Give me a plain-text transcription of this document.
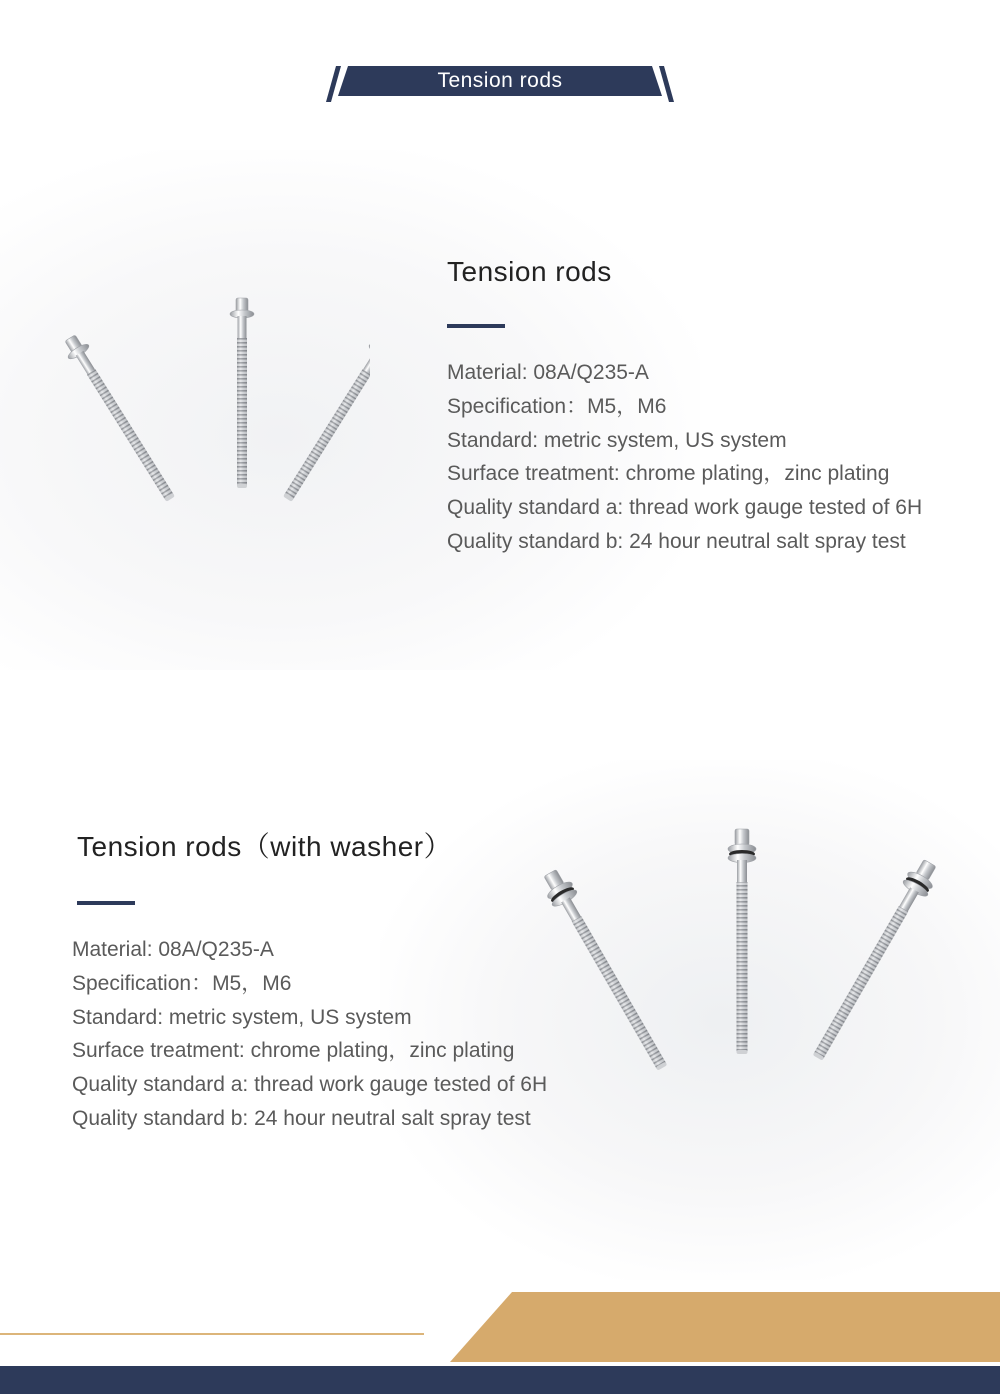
Tension rods
Tension rods
Material: 08A/Q235-A
Specification：M5，M6
Standard: metric system, US system
Surface treatment: chrome plating，zinc plating
Quality standard a: thread work gauge tested of 6H
Quality standard b: 24 hour neutral salt spray test
Tension rods（with washer）
Material: 08A/Q235-A
Specification：M5，M6
Standard: metric system, US system
Surface treatment: chrome plating，zinc plating
Quality standard a: thread work gauge tested of 6H
Quality standard b: 24 hour neutral salt spray test
